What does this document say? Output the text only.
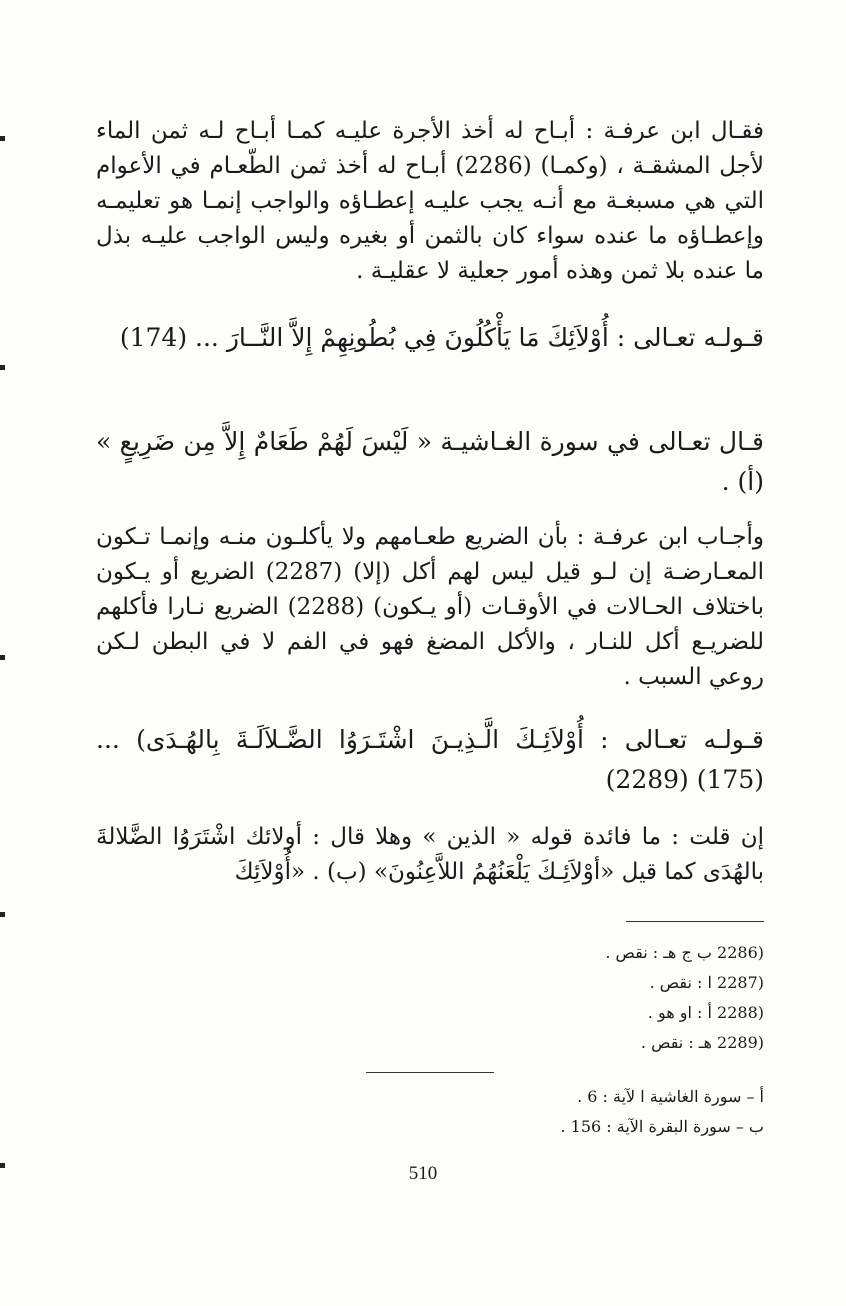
فقـال ابن عرفـة : أبـاح له أخذ الأجرة عليـه كمـا أبـاح لـه ثمن الماء لأجل المشقـة ، (وكمـا) (2286) أبـاح له أخذ ثمن الطّعـام في الأعوام التي هي مسبغـة مع أنـه يجب عليـه إعطـاؤه والواجب إنمـا هو تعليمـه وإعطـاؤه ما عنده سواء كان بالثمن أو بغيره وليس الواجب عليـه بذل ما عنده بلا ثمن وهذه أمور جعلية لا عقليـة .
قـولـه تعـالى : أُوْلاَئِكَ مَا يَأْكُلُونَ فِي بُطُونِهِمْ إِلاَّ النَّــارَ ... (174)
قـال تعـالى في سورة الغـاشيـة « لَيْسَ لَهُمْ طَعَامٌ إِلاَّ مِن ضَرِيعٍ » (أ) .
وأجـاب ابن عرفـة : بأن الضريع طعـامهم ولا يأكلـون منـه وإنمـا تـكون المعـارضـة إن لـو قيل ليس لهم أكل (إلا) (2287) الضريع أو يـكون باختلاف الحـالات في الأوقـات (أو يـكون) (2288) الضريع نـارا فأكلهم للضريـع أكل للنـار ، والأكل المضغ فهو في الفم لا في البطن لـكن روعي السبب .
قـولـه تعـالى : أُوْلاَئِـكَ الَّـذِيـنَ اشْتَـرَوُا الضَّـلاَلَـةَ بِالهُـدَى) ... (175) (2289)
إن قلت : ما فائدة قوله « الذين » وهلا قال : أولائك اشْتَرَوُا الضَّلالةَ بالهُدَى كما قيل «أوْلاَئِـكَ يَلْعَنُهُمُ اللاَّعِنُونَ» (ب) . «أُوْلاَئِكَ
(2286 ب ج هـ : نقص .
(2287 ا : نقص .
(2288 أ : او هو .
(2289 هـ : نقص .
أ – سورة الغاشية ا لآية : 6 .
ب – سورة البقرة الآية : 156 .
510
